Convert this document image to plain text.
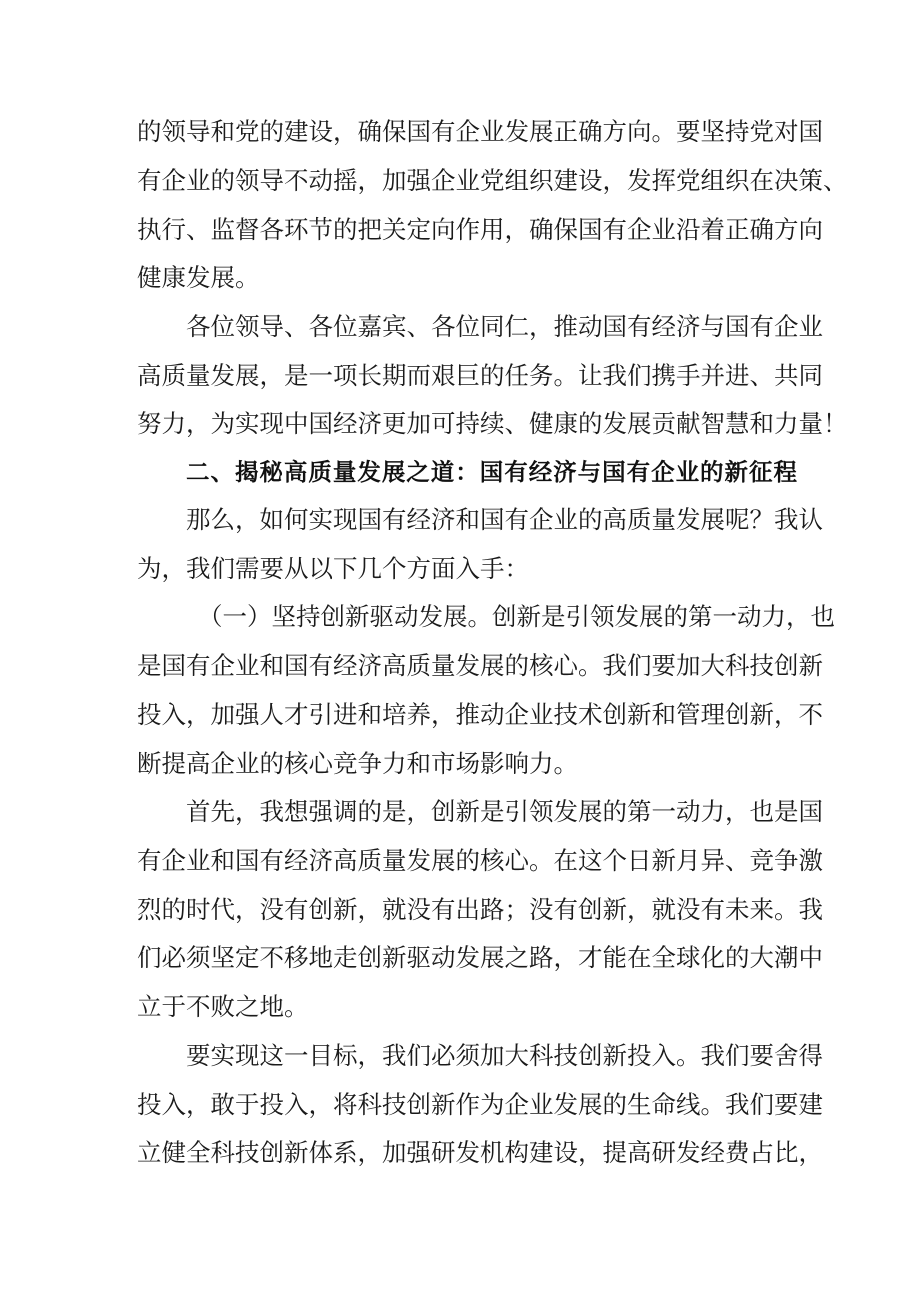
的领导和党的建设，确保国有企业发展正确方向。要坚持党对国
有企业的领导不动摇，加强企业党组织建设，发挥党组织在决策、
执行、监督各环节的把关定向作用，确保国有企业沿着正确方向
健康发展。
各位领导、各位嘉宾、各位同仁，推动国有经济与国有企业
高质量发展，是一项长期而艰巨的任务。让我们携手并进、共同
努力，为实现中国经济更加可持续、健康的发展贡献智慧和力量！
二、揭秘高质量发展之道：国有经济与国有企业的新征程
那么，如何实现国有经济和国有企业的高质量发展呢？我认
为，我们需要从以下几个方面入手：
（一）坚持创新驱动发展。创新是引领发展的第一动力，也
是国有企业和国有经济高质量发展的核心。我们要加大科技创新
投入，加强人才引进和培养，推动企业技术创新和管理创新，不
断提高企业的核心竞争力和市场影响力。
首先，我想强调的是，创新是引领发展的第一动力，也是国
有企业和国有经济高质量发展的核心。在这个日新月异、竞争激
烈的时代，没有创新，就没有出路；没有创新，就没有未来。我
们必须坚定不移地走创新驱动发展之路，才能在全球化的大潮中
立于不败之地。
要实现这一目标，我们必须加大科技创新投入。我们要舍得
投入，敢于投入，将科技创新作为企业发展的生命线。我们要建
立健全科技创新体系，加强研发机构建设，提高研发经费占比，
